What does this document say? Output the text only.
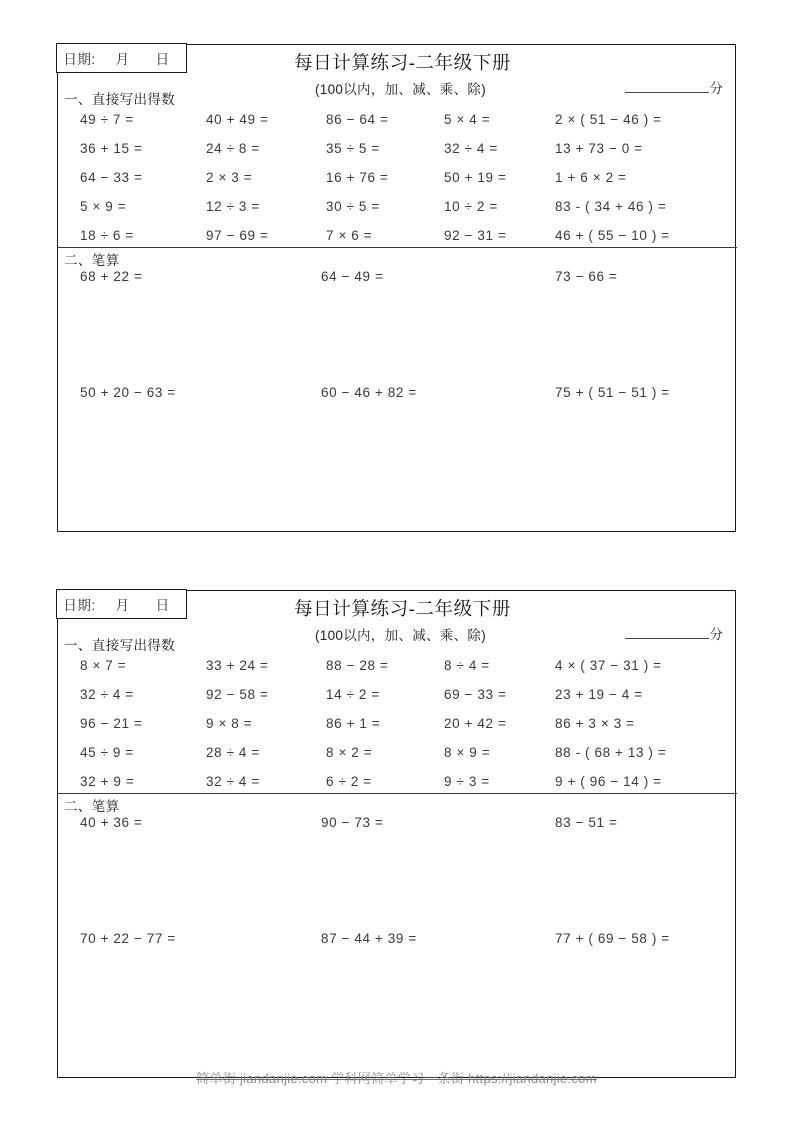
日期: 月 日	每日计算练习-二年级下册
(100以内，加、减、乘、除)	分
一、直接写出得数
49 ÷ 7 =	40 + 49 =	86 − 64 =	5 × 4 =	2 × ( 51 − 46 ) =
36 + 15 =	24 ÷ 8 =	35 ÷ 5 =	32 ÷ 4 =	13 + 73 − 0 =
64 − 33 =	2 × 3 =	16 + 76 =	50 + 19 =	1 + 6 × 2 =
5 × 9 =	12 ÷ 3 =	30 ÷ 5 =	10 ÷ 2 =	83 - ( 34 + 46 ) =
18 ÷ 6 =	97 − 69 =	7 × 6 =	92 − 31 =	46 + ( 55 − 10 ) =
二、笔算
68 + 22 =	64 − 49 =	73 − 66 =
50 + 20 − 63 =	60 − 46 + 82 =	75 + ( 51 − 51 ) =
日期: 月 日	每日计算练习-二年级下册
(100以内，加、减、乘、除)	分
一、直接写出得数
8 × 7 =	33 + 24 =	88 − 28 =	8 ÷ 4 =	4 × ( 37 − 31 ) =
32 ÷ 4 =	92 − 58 =	14 ÷ 2 =	69 − 33 =	23 + 19 − 4 =
96 − 21 =	9 × 8 =	86 + 1 =	20 + 42 =	86 + 3 × 3 =
45 ÷ 9 =	28 ÷ 4 =	8 × 2 =	8 × 9 =	88 - ( 68 + 13 ) =
32 + 9 =	32 ÷ 4 =	6 ÷ 2 =	9 ÷ 3 =	9 + ( 96 − 14 ) =
二、笔算
40 + 36 =	90 − 73 =	83 − 51 =
70 + 22 − 77 =	87 − 44 + 39 =	77 + ( 69 − 58 ) =
简单街 jiandanjie.com 学科网简单学习一条街 https://jiandanjie.com
